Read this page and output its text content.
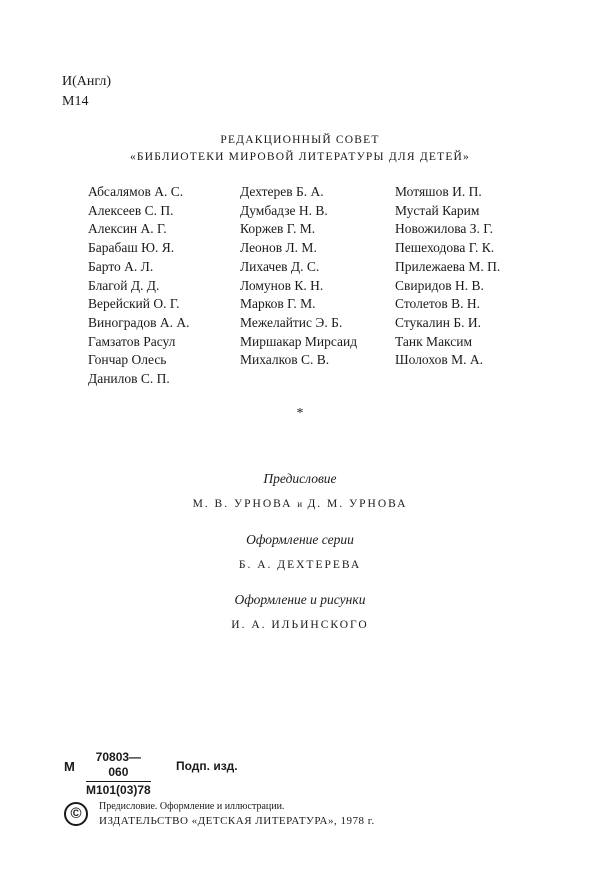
И(Англ)
М14
РЕДАКЦИОННЫЙ СОВЕТ
«БИБЛИОТЕКИ МИРОВОЙ ЛИТЕРАТУРЫ ДЛЯ ДЕТЕЙ»
Абсалямов А. С.
Алексеев С. П.
Алексин А. Г.
Барабаш Ю. Я.
Барто А. Л.
Благой Д. Д.
Верейский О. Г.
Виноградов А. А.
Гамзатов Расул
Гончар Олесь
Данилов С. П.
Дехтерев Б. А.
Думбадзе Н. В.
Коржев Г. М.
Леонов Л. М.
Лихачев Д. С.
Ломунов К. Н.
Марков Г. М.
Межелайтис Э. Б.
Миршакар Мирсаид
Михалков С. В.
Мотяшов И. П.
Мустай Карим
Новожилова З. Г.
Пешеходова Г. К.
Прилежаева М. П.
Свиридов Н. В.
Столетов В. Н.
Стукалин Б. И.
Танк Максим
Шолохов М. А.
*
Предисловие
М. В. УРНОВА и Д. М. УРНОВА
Оформление серии
Б. А. ДЕХТЕРЕВА
Оформление и рисунки
И. А. ИЛЬИНСКОГО
М
70803—060
М101(03)78
Подп. изд.
©	Предисловие. Оформление и иллюстрации.
ИЗДАТЕЛЬСТВО «ДЕТСКАЯ ЛИТЕРАТУРА», 1978 г.
